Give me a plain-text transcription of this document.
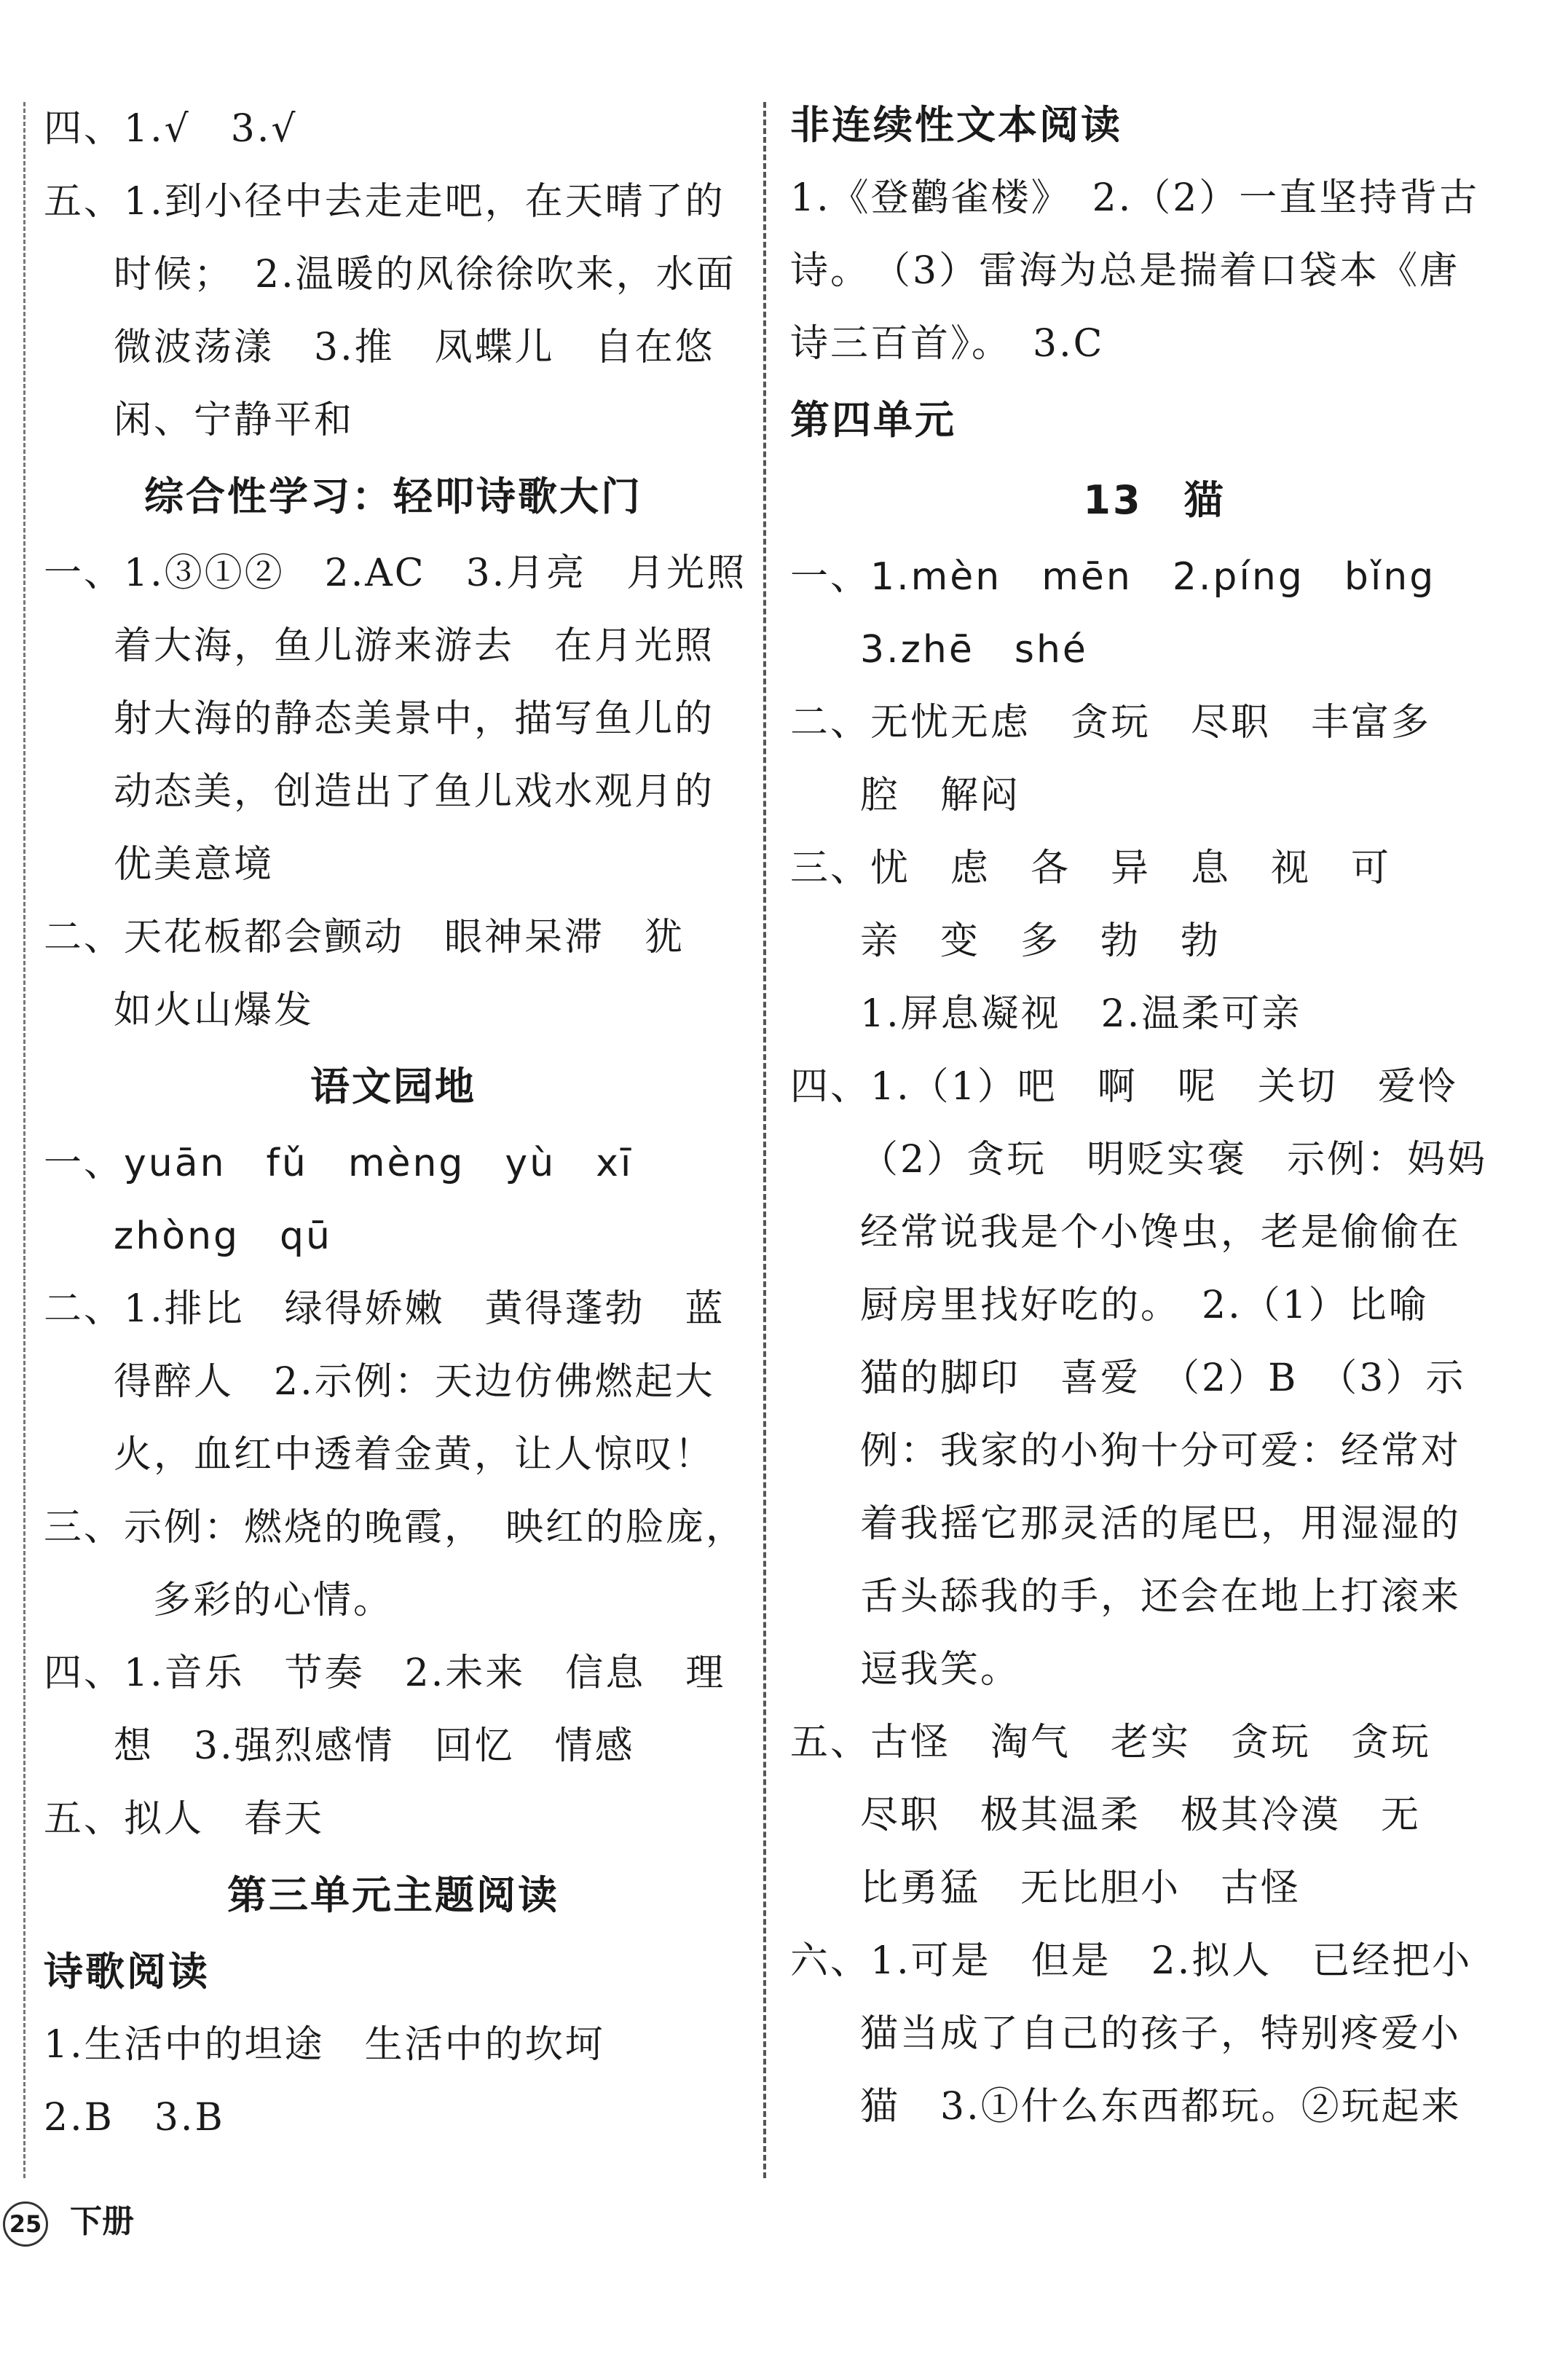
四、1.√　3.√
五、1.到小径中去走走吧，在天晴了的
时候；　2.温暖的风徐徐吹来，水面
微波荡漾　3.推　凤蝶儿　自在悠
闲、宁静平和
综合性学习：轻叩诗歌大门
一、1.③①②　2.AC　3.月亮　月光照
着大海，鱼儿游来游去　在月光照
射大海的静态美景中，描写鱼儿的
动态美，创造出了鱼儿戏水观月的
优美意境
二、天花板都会颤动　眼神呆滞　犹
如火山爆发
语文园地
一、yuān　fǔ　mèng　yù　xī
zhòng　qū
二、1.排比　绿得娇嫩　黄得蓬勃　蓝
得醉人　2.示例：天边仿佛燃起大
火，血红中透着金黄，让人惊叹！
三、示例：燃烧的晚霞，　映红的脸庞，
多彩的心情。
四、1.音乐　节奏　2.未来　信息　理
想　3.强烈感情　回忆　情感
五、拟人　春天
第三单元主题阅读
诗歌阅读
1.生活中的坦途　生活中的坎坷
2.B　3.B
非连续性文本阅读
1.《登鹳雀楼》　2.（2）一直坚持背古
诗。　（3）雷海为总是揣着口袋本《唐
诗三百首》。　3.C
第四单元
13　猫
一、1.mèn　mēn　2.píng　bǐng
3.zhē　shé
二、无忧无虑　贪玩　尽职　丰富多
腔　解闷
三、忧　虑　各　异　息　视　可
亲　变　多　勃　勃
1.屏息凝视　2.温柔可亲
四、1.（1）吧　啊　呢　关切　爱怜
（2）贪玩　明贬实褒　示例：妈妈
经常说我是个小馋虫，老是偷偷在
厨房里找好吃的。　2.（1）比喻
猫的脚印　喜爱　（2）B　（3）示
例：我家的小狗十分可爱：经常对
着我摇它那灵活的尾巴，用湿湿的
舌头舔我的手，还会在地上打滚来
逗我笑。
五、古怪　淘气　老实　贪玩　贪玩
尽职　极其温柔　极其冷漠　无
比勇猛　无比胆小　古怪
六、1.可是　但是　2.拟人　已经把小
猫当成了自己的孩子，特别疼爱小
猫　3.①什么东西都玩。②玩起来
25 下册
